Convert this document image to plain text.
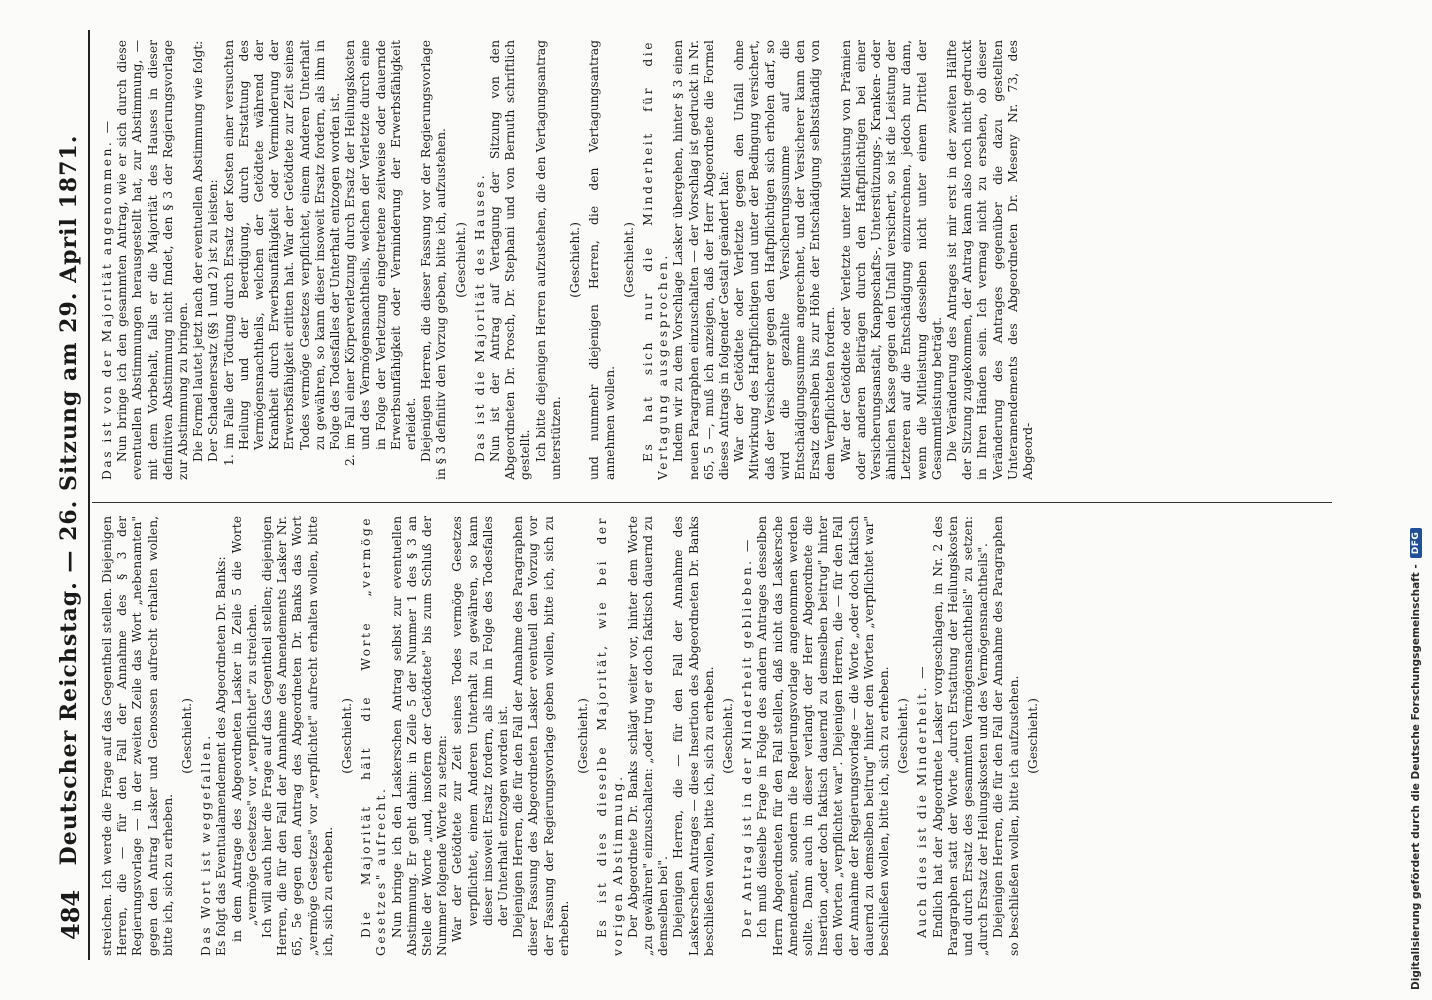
484
Deutscher Reichstag. — 26. Sitzung am 29. April 1871. streichen. Ich werde die Frage auf das Gegentheil stellen. Diejenigen Herren, die — für den Fall der Annahme des § 3 der Regierungsvorlage — in der zweiten Zeile das Wort „nebenamten" gegen den Antrag Lasker und Genossen aufrecht erhalten wollen, bitte ich, sich zu erheben.

(Geschieht.) Das Wort ist weggefallen. Es folgt das Eventualamendement des Abgeordneten Dr. Banks: in dem Antrage des Abgeordneten Lasker in Zeile 5 die Worte „vermöge Gesetzes" vor „verpflichtet" zu streichen. Ich will auch hier die Frage auf das Gegentheil stellen; diejenigen Herren, die für den Fall der Annahme des Amendements Lasker Nr. 65, 5e gegen den Antrag des Abgeordneten Dr. Banks das Wort „vermöge Gesetzes" vor „verpflichtet" aufrecht erhalten wollen, bitte ich, sich zu erheben.

(Geschieht.) Die Majorität hält die Worte „vermöge Gesetzes" aufrecht. Nun bringe ich den Laskerschen Antrag selbst zur eventuellen Abstimmung. Er geht dahin: in Zeile 5 der Nummer 1 des § 3 an Stelle der Worte „und, insofern der Getödtete" bis zum Schluß der Nummer folgende Worte zu setzen: War der Getödtete zur Zeit seines Todes vermöge Gesetzes verpflichtet, einem Anderen Unterhalt zu gewähren, so kann dieser insoweit Ersatz fordern, als ihm in Folge des Todesfalles der Unterhalt entzogen worden ist. Diejenigen Herren, die für den Fall der Annahme des Paragraphen dieser Fassung des Abgeordneten Lasker eventuell den Vorzug vor der Fassung der Regierungsvorlage geben wollen, bitte ich, sich zu erheben.

(Geschieht.) Es ist dies dieselbe Majorität, wie bei der vorigen Abstimmung. Der Abgeordnete Dr. Banks schlägt weiter vor, hinter dem Worte „zu gewähren" einzuschalten: „oder trug er doch faktisch dauernd zu demselben bei". Diejenigen Herren, die — für den Fall der Annahme des Laskerschen Antrages — diese Insertion des Abgeordneten Dr. Banks beschließen wollen, bitte ich, sich zu erheben. (Geschieht.) Der Antrag ist in der Minderheit geblieben. — Ich muß dieselbe Frage in Folge des andern Antrages desselben Herrn Abgeordneten für den Fall stellen, daß nicht das Laskersche Amendement, sondern die Regierungsvorlage angenommen werden sollte. Dann auch in dieser verlangt der Herr Abgeordnete die Insertion „oder doch faktisch dauernd zu demselben beitrug" hinter den Worten „verpflichtet war". Diejenigen Herren, die — für den Fall der Annahme der Regierungsvorlage — die Worte „oder doch faktisch dauernd zu demselben beitrug" hinter den Worten „verpflichtet war" beschließen wollen, bitte ich, sich zu erheben. (Geschieht.) Auch dies ist die Minderheit. — Endlich hat der Abgeordnete Lasker vorgeschlagen, in Nr. 2 des Paragraphen statt der Worte „durch Erstattung der Heilungskosten und durch Ersatz des gesammten Vermögensnachtheils" zu setzen: „durch Ersatz der Heilungskosten und des Vermögensnachtheils". Diejenigen Herren, die für den Fall der Annahme des Paragraphen so beschließen wollen, bitte ich aufzustehen. (Geschieht.)

Das ist von der Majorität angenommen. — Nun bringe ich den gesammten Antrag, wie er sich durch diese eventuellen Abstimmungen herausgestellt hat, zur Abstimmung, — mit dem Vorbehalt, falls er die Majorität des Hauses in dieser definitiven Abstimmung nicht findet, den § 3 der Regierungsvorlage zur Abstimmung zu bringen. Die Formel lautet jetzt nach der eventuellen Abstimmung wie folgt: Der Schadenersatz (§§ 1 und 2) ist zu leisten: 1. im Falle der Tödtung durch Ersatz der Kosten einer versuchten Heilung und der Beerdigung, durch Erstattung des Vermögensnachtheils, welchen der Getödtete während der Krankheit durch Erwerbsunfähigkeit oder Verminderung der Erwerbsfähigkeit erlitten hat. War der Getödtete zur Zeit seines Todes vermöge Gesetzes verpflichtet, einem Anderen Unterhalt zu gewähren, so kann dieser insoweit Ersatz fordern, als ihm in Folge des Todesfalles der Unterhalt entzogen worden ist. 2. im Fall einer Körperverletzung durch Ersatz der Heilungskosten und des Vermögensnachtheils, welchen der Verletzte durch eine in Folge der Verletzung eingetretene zeitweise oder dauernde Erwerbsunfähigkeit oder Verminderung der Erwerbsfähigkeit erleidet. Diejenigen Herren, die dieser Fassung vor der Regierungsvorlage in § 3 definitiv den Vorzug geben, bitte ich, aufzustehen. (Geschieht.) Das ist die Majorität des Hauses. Nun ist der Antrag auf Vertagung der Sitzung von den Abgeordneten Dr. Prosch, Dr. Stephani und von Bernuth schriftlich gestellt. Ich bitte diejenigen Herren aufzustehen, die den Vertagungsantrag unterstützen.

(Geschieht.) und nunmehr diejenigen Herren, die den Vertagungsantrag annehmen wollen.

(Geschieht.) Es hat sich nur die Minderheit für die Vertagung ausgesprochen. Indem wir zu dem Vorschlage Lasker übergehen, hinter § 3 einen neuen Paragraphen einzuschalten — der Vorschlag ist gedruckt in Nr. 65, 5 —, muß ich anzeigen, daß der Herr Abgeordnete die Formel dieses Antrags in folgender Gestalt geändert hat: War der Getödtete oder Verletzte gegen den Unfall ohne Mitwirkung des Haftpflichtigen und unter der Bedingung versichert, daß der Versicherer gegen den Haftpflichtigen sich erholen darf, so wird die gezahlte Versicherungssumme auf die Entschädigungssumme angerechnet, und der Versicherer kann den Ersatz derselben bis zur Höhe der Entschädigung selbstständig von dem Verpflichteten fordern. War der Getödtete oder Verletzte unter Mitleistung von Prämien oder anderen Beiträgen durch den Haftpflichtigen bei einer Versicherungsanstalt, Knappschafts-, Unterstützungs-, Kranken- oder ähnlichen Kasse gegen den Unfall versichert, so ist die Leistung der Letzteren auf die Entschädigung einzurechnen, jedoch nur dann, wenn die Mitleistung desselben nicht unter einem Drittel der Gesammtleistung beträgt. Die Veränderung des Antrages ist mir erst in der zweiten Hälfte der Sitzung zugekommen, der Antrag kann also noch nicht gedruckt in Ihren Händen sein. Ich vermag nicht zu ersehen, ob dieser Veränderung des Antrages gegenüber die dazu gestellten Unteramendements des Abgeordneten Dr. Meseny Nr. 73, des Abgeord-

Digitalisierung gefördert durch die Deutsche Forschungsgemeinschaft -
DFG
